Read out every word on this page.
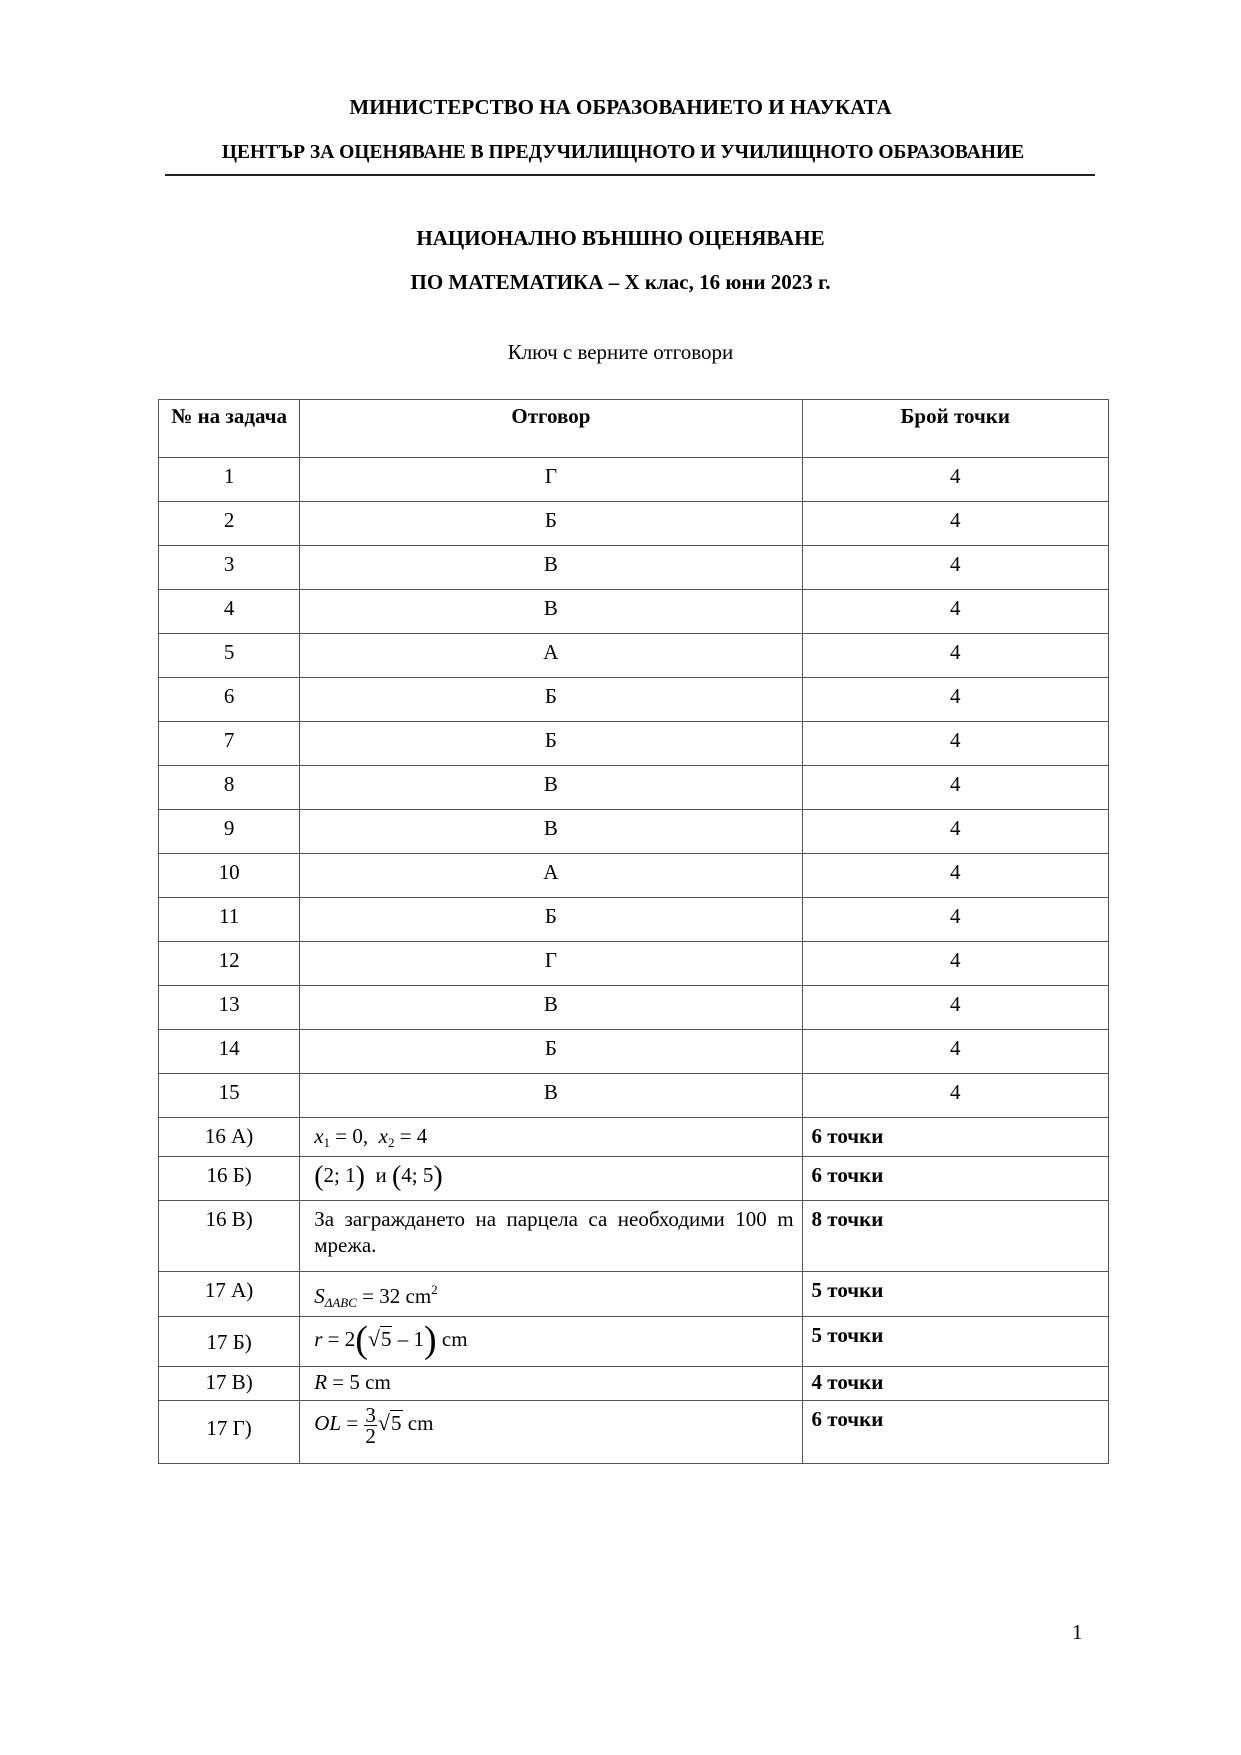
МИНИСТЕРСТВО НА ОБРАЗОВАНИЕТО И НАУКАТА
ЦЕНТЪР ЗА ОЦЕНЯВАНЕ В ПРЕДУЧИЛИЩНОТО И УЧИЛИЩНОТО ОБРАЗОВАНИЕ
НАЦИОНАЛНО ВЪНШНО ОЦЕНЯВАНЕ
ПО МАТЕМАТИКА – Х клас, 16 юни 2023 г.
Ключ с верните отговори
№ на задача	Отговор	Брой точки
1	Г	4
2	Б	4
3	В	4
4	В	4
5	А	4
6	Б	4
7	Б	4
8	В	4
9	В	4
10	А	4
11	Б	4
12	Г	4
13	В	4
14	Б	4
15	В	4
16 А)	$x_1 = 0$, $x_2 = 4$	6 точки
16 Б)	(2; 1) и (4; 5)	6 точки
16 В)	За заграждането на парцела са необходими 100 m мрежа.	8 точки
17 А)	$S_{\Delta ABC} = 32$ $cm^2$	5 точки
17 Б)	r = 2(√5 – 1) cm	5 точки
17 В)	R = 5 cm	4 точки
17 Г)	OL = $\frac{3}{2} √5$ cm	6 точки
1
